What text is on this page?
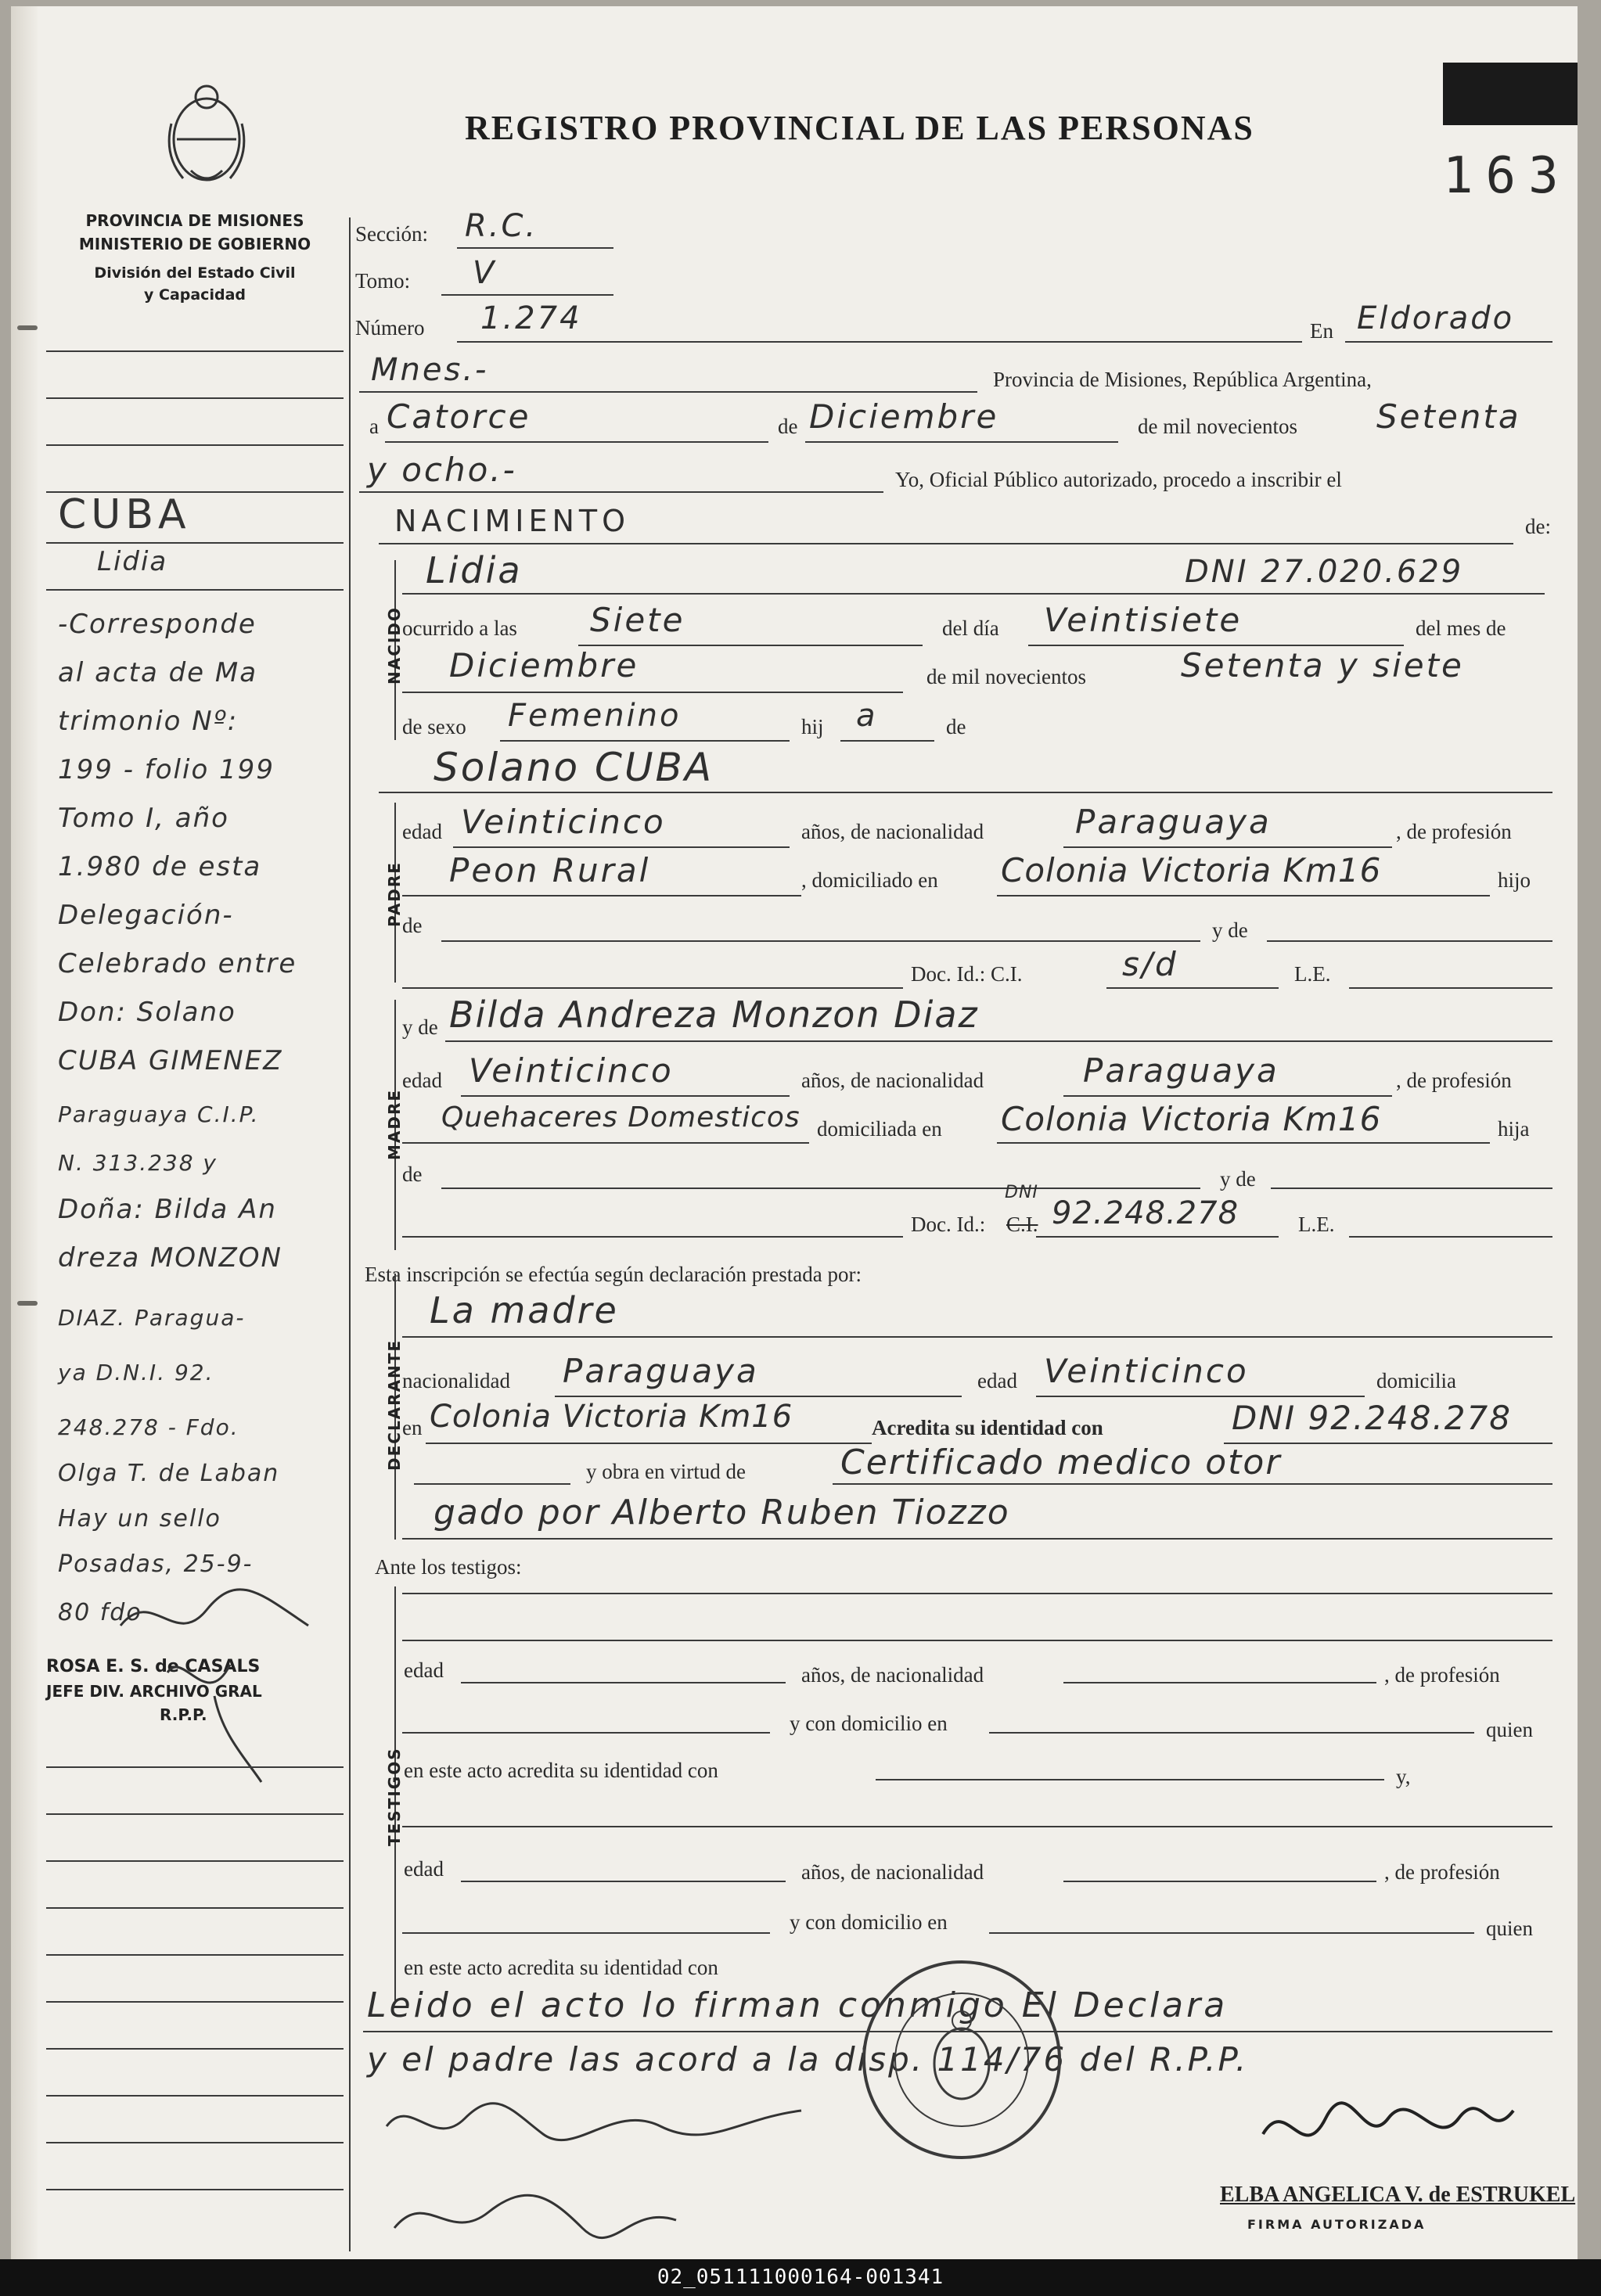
PROVINCIA DE MISIONES
MINISTERIO DE GOBIERNO
División del Estado Civil
y Capacidad
REGISTRO PROVINCIAL DE LAS PERSONAS
163
CUBA
Lidia
-Corresponde
al acta de Ma
trimonio Nº:
199 - folio 199
Tomo I, año
1.980 de esta
Delegación-
Celebrado entre
Don: Solano
CUBA GIMENEZ
Paraguaya C.I.P.
N. 313.238 y
Doña: Bilda An
dreza MONZON
DIAZ. Paragua-
ya D.N.I. 92.
248.278 - Fdo.
Olga T. de Laban
Hay un sello
Posadas, 25-9-
80 fdo
ROSA E. S. de CASALS
JEFE DIV. ARCHIVO GRAL
R.P.P.
Sección: R.C.
Tomo: V
Número 1.274	En Eldorado
Mnes.-	Provincia de Misiones, República Argentina,
a Catorce	de Diciembre	de mil novecientos Setenta
y ocho.-	Yo, Oficial Público autorizado, procedo a inscribir el
NACIMIENTO	de:
NACIDO
Lidia	DNI 27.020.629
ocurrido a las Siete	del día Veintisiete	del mes de
Diciembre	de mil novecientos	Setenta y siete
de sexo Femenino	hij a	de
Solano CUBA
PADRE
edad Veinticinco	años, de nacionalidad	Paraguaya	, de profesión
Peon Rural	, domiciliado en Colonia Victoria Km16	hijo
de	y de
Doc. Id.: C.I.	s/d	L.E.
MADRE
y de Bilda Andreza Monzon Diaz
edad Veinticinco	años, de nacionalidad	Paraguaya	, de profesión
Quehaceres Domesticos domiciliada en Colonia Victoria Km16	hija
de	y de
Doc. Id.: C.I.
DNI
92.248.278	L.E.
Esta inscripción se efectúa según declaración prestada por:
DECLARANTE
La madre
nacionalidad Paraguaya	edad Veinticinco	domicilia
en Colonia Victoria Km16	Acredita su identidad con	DNI 92.248.278
y obra en virtud de	Certificado medico otor
gado por Alberto Ruben Tiozzo
Ante los testigos:
TESTIGOS
edad	años, de nacionalidad	, de profesión
y con domicilio en	quien
en este acto acredita su identidad con	y,
edad	años, de nacionalidad	, de profesión
y con domicilio en	quien
en este acto acredita su identidad con
Leido el acto lo firman conmigo El Declara
y el padre las acord a la disp. 114/76 del R.P.P.
ELBA ANGELICA V. de ESTRUKEL
FIRMA AUTORIZADA
02_051111000164-001341
